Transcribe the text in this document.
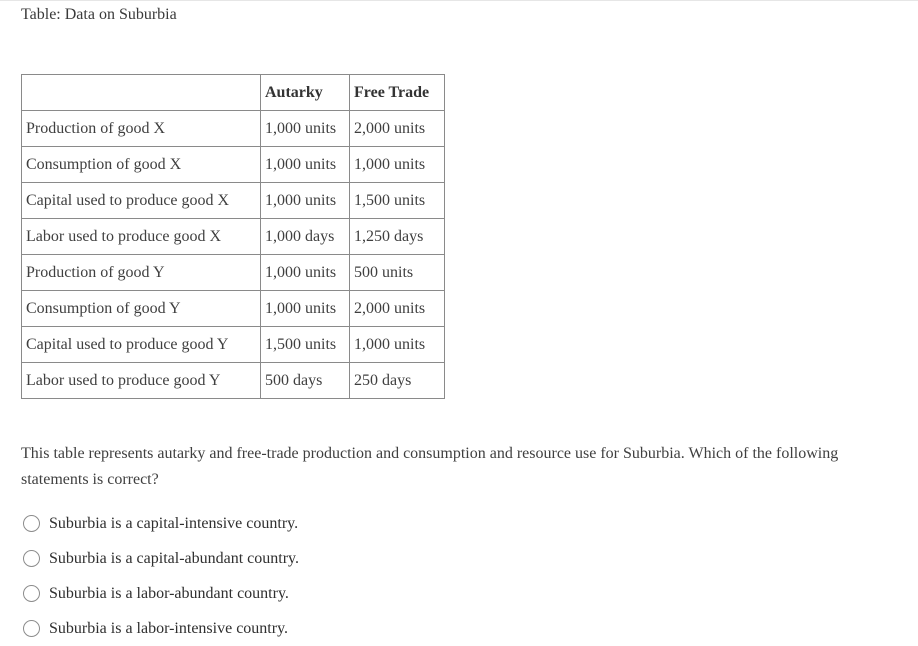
Table: Data on Suburbia
	Autarky	Free Trade
Production of good X	1,000 units	2,000 units
Consumption of good X	1,000 units	1,000 units
Capital used to produce good X	1,000 units	1,500 units
Labor used to produce good X	1,000 days	1,250 days
Production of good Y	1,000 units	500 units
Consumption of good Y	1,000 units	2,000 units
Capital used to produce good Y	1,500 units	1,000 units
Labor used to produce good Y	500 days	250 days
This table represents autarky and free-trade production and consumption and resource use for Suburbia. Which of the following statements is correct?
Suburbia is a capital-intensive country.
Suburbia is a capital-abundant country.
Suburbia is a labor-abundant country.
Suburbia is a labor-intensive country.
